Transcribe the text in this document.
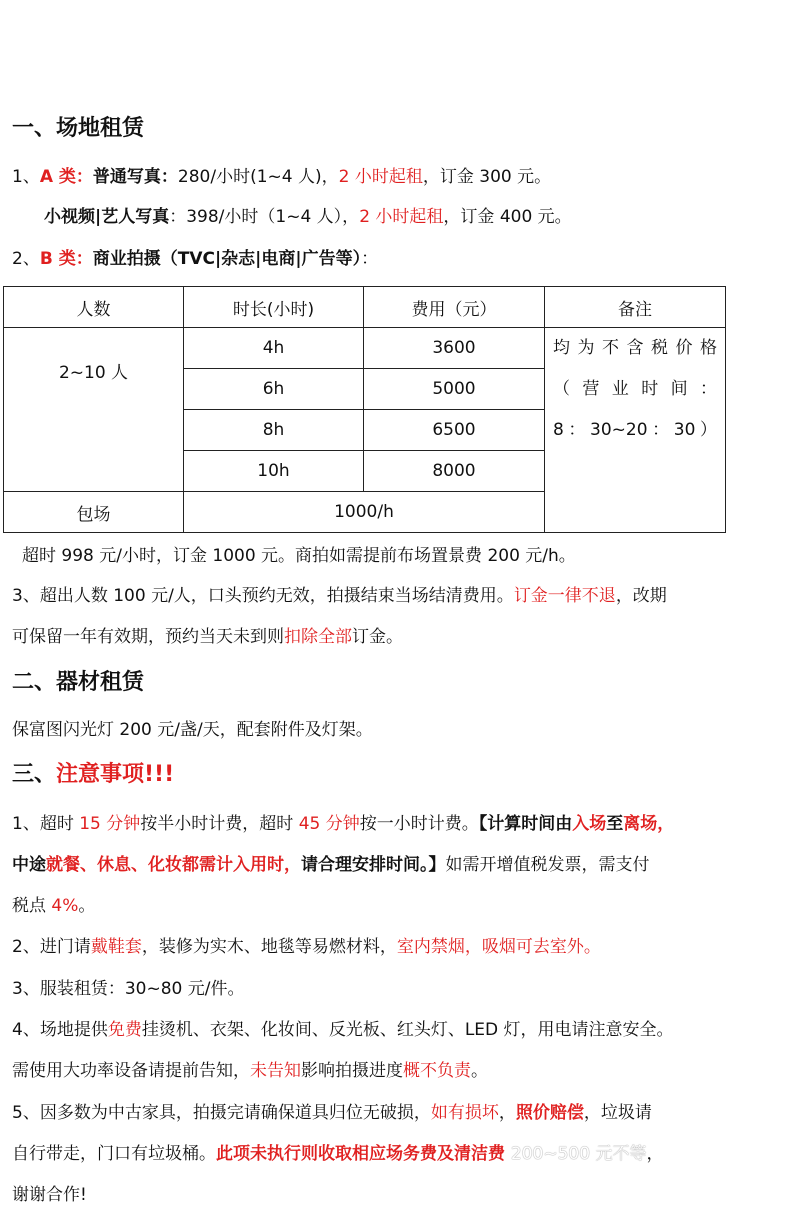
一、场地租赁
1、A 类：普通写真：280/小时(1~4 人)，2 小时起租，订金 300 元。
小视频|艺人写真：398/小时（1~4 人），2 小时起租，订金 400 元。
2、B 类：商业拍摄（TVC|杂志|电商|广告等）：
人数	时长(小时)	费用（元）	备注
2~10 人	4h	3600	均为不含税价格
（营业时间：
8：30~20：30）

	6h	5000	
	8h	6500	
	10h	8000	
包场	1000/h		
超时 998 元/小时，订金 1000 元。商拍如需提前布场置景费 200 元/h。
3、超出人数 100 元/人，口头预约无效，拍摄结束当场结清费用。订金一律不退，改期
可保留一年有效期，预约当天未到则扣除全部订金。
二、器材租赁
保富图闪光灯 200 元/盏/天，配套附件及灯架。
三、注意事项!!!
1、超时 15 分钟按半小时计费，超时 45 分钟按一小时计费。【计算时间由入场至离场，
中途就餐、休息、化妆都需计入用时，请合理安排时间。】如需开增值税发票，需支付
税点 4%。
2、进门请戴鞋套，装修为实木、地毯等易燃材料，室内禁烟，吸烟可去室外。
3、服装租赁：30~80 元/件。
4、场地提供免费挂烫机、衣架、化妆间、反光板、红头灯、LED 灯，用电请注意安全。
需使用大功率设备请提前告知，未告知影响拍摄进度概不负责。
5、因多数为中古家具，拍摄完请确保道具归位无破损，如有损坏，照价赔偿，垃圾请
自行带走，门口有垃圾桶。此项未执行则收取相应场务费及清洁费 200~500 元不等，
谢谢合作!
